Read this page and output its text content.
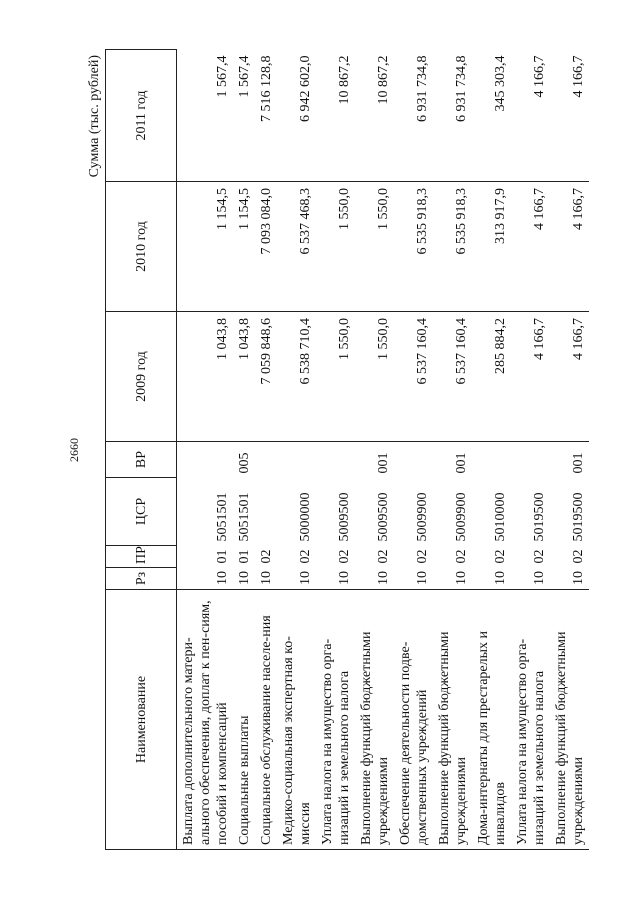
2660
Сумма (тыс. рублей)
Наименование	Рз	ПР	ЦСР	ВР	2009 год	2010 год	2011 год
Выплата дополнительного матери-ального обеспечения, доплат к пен-сиям, пособий и компенсаций	10	01	5051501		1 043,8	1 154,5	1 567,4
Социальные выплаты	10	01	5051501	005	1 043,8	1 154,5	1 567,4
Социальное обслуживание населе-ния	10	02			7 059 848,6	7 093 084,0	7 516 128,8
Медико-социальная экспертная ко-миссия	10	02	5000000		6 538 710,4	6 537 468,3	6 942 602,0
Уплата налога на имущество орга-низаций и земельного налога	10	02	5009500		1 550,0	1 550,0	10 867,2
Выполнение функций бюджетными учреждениями	10	02	5009500	001	1 550,0	1 550,0	10 867,2
Обеспечение деятельности подве-домственных учреждений	10	02	5009900		6 537 160,4	6 535 918,3	6 931 734,8
Выполнение функций бюджетными учреждениями	10	02	5009900	001	6 537 160,4	6 535 918,3	6 931 734,8
Дома-интернаты для престарелых и инвалидов	10	02	5010000		285 884,2	313 917,9	345 303,4
Уплата налога на имущество орга-низаций и земельного налога	10	02	5019500		4 166,7	4 166,7	4 166,7
Выполнение функций бюджетными учреждениями	10	02	5019500	001	4 166,7	4 166,7	4 166,7
